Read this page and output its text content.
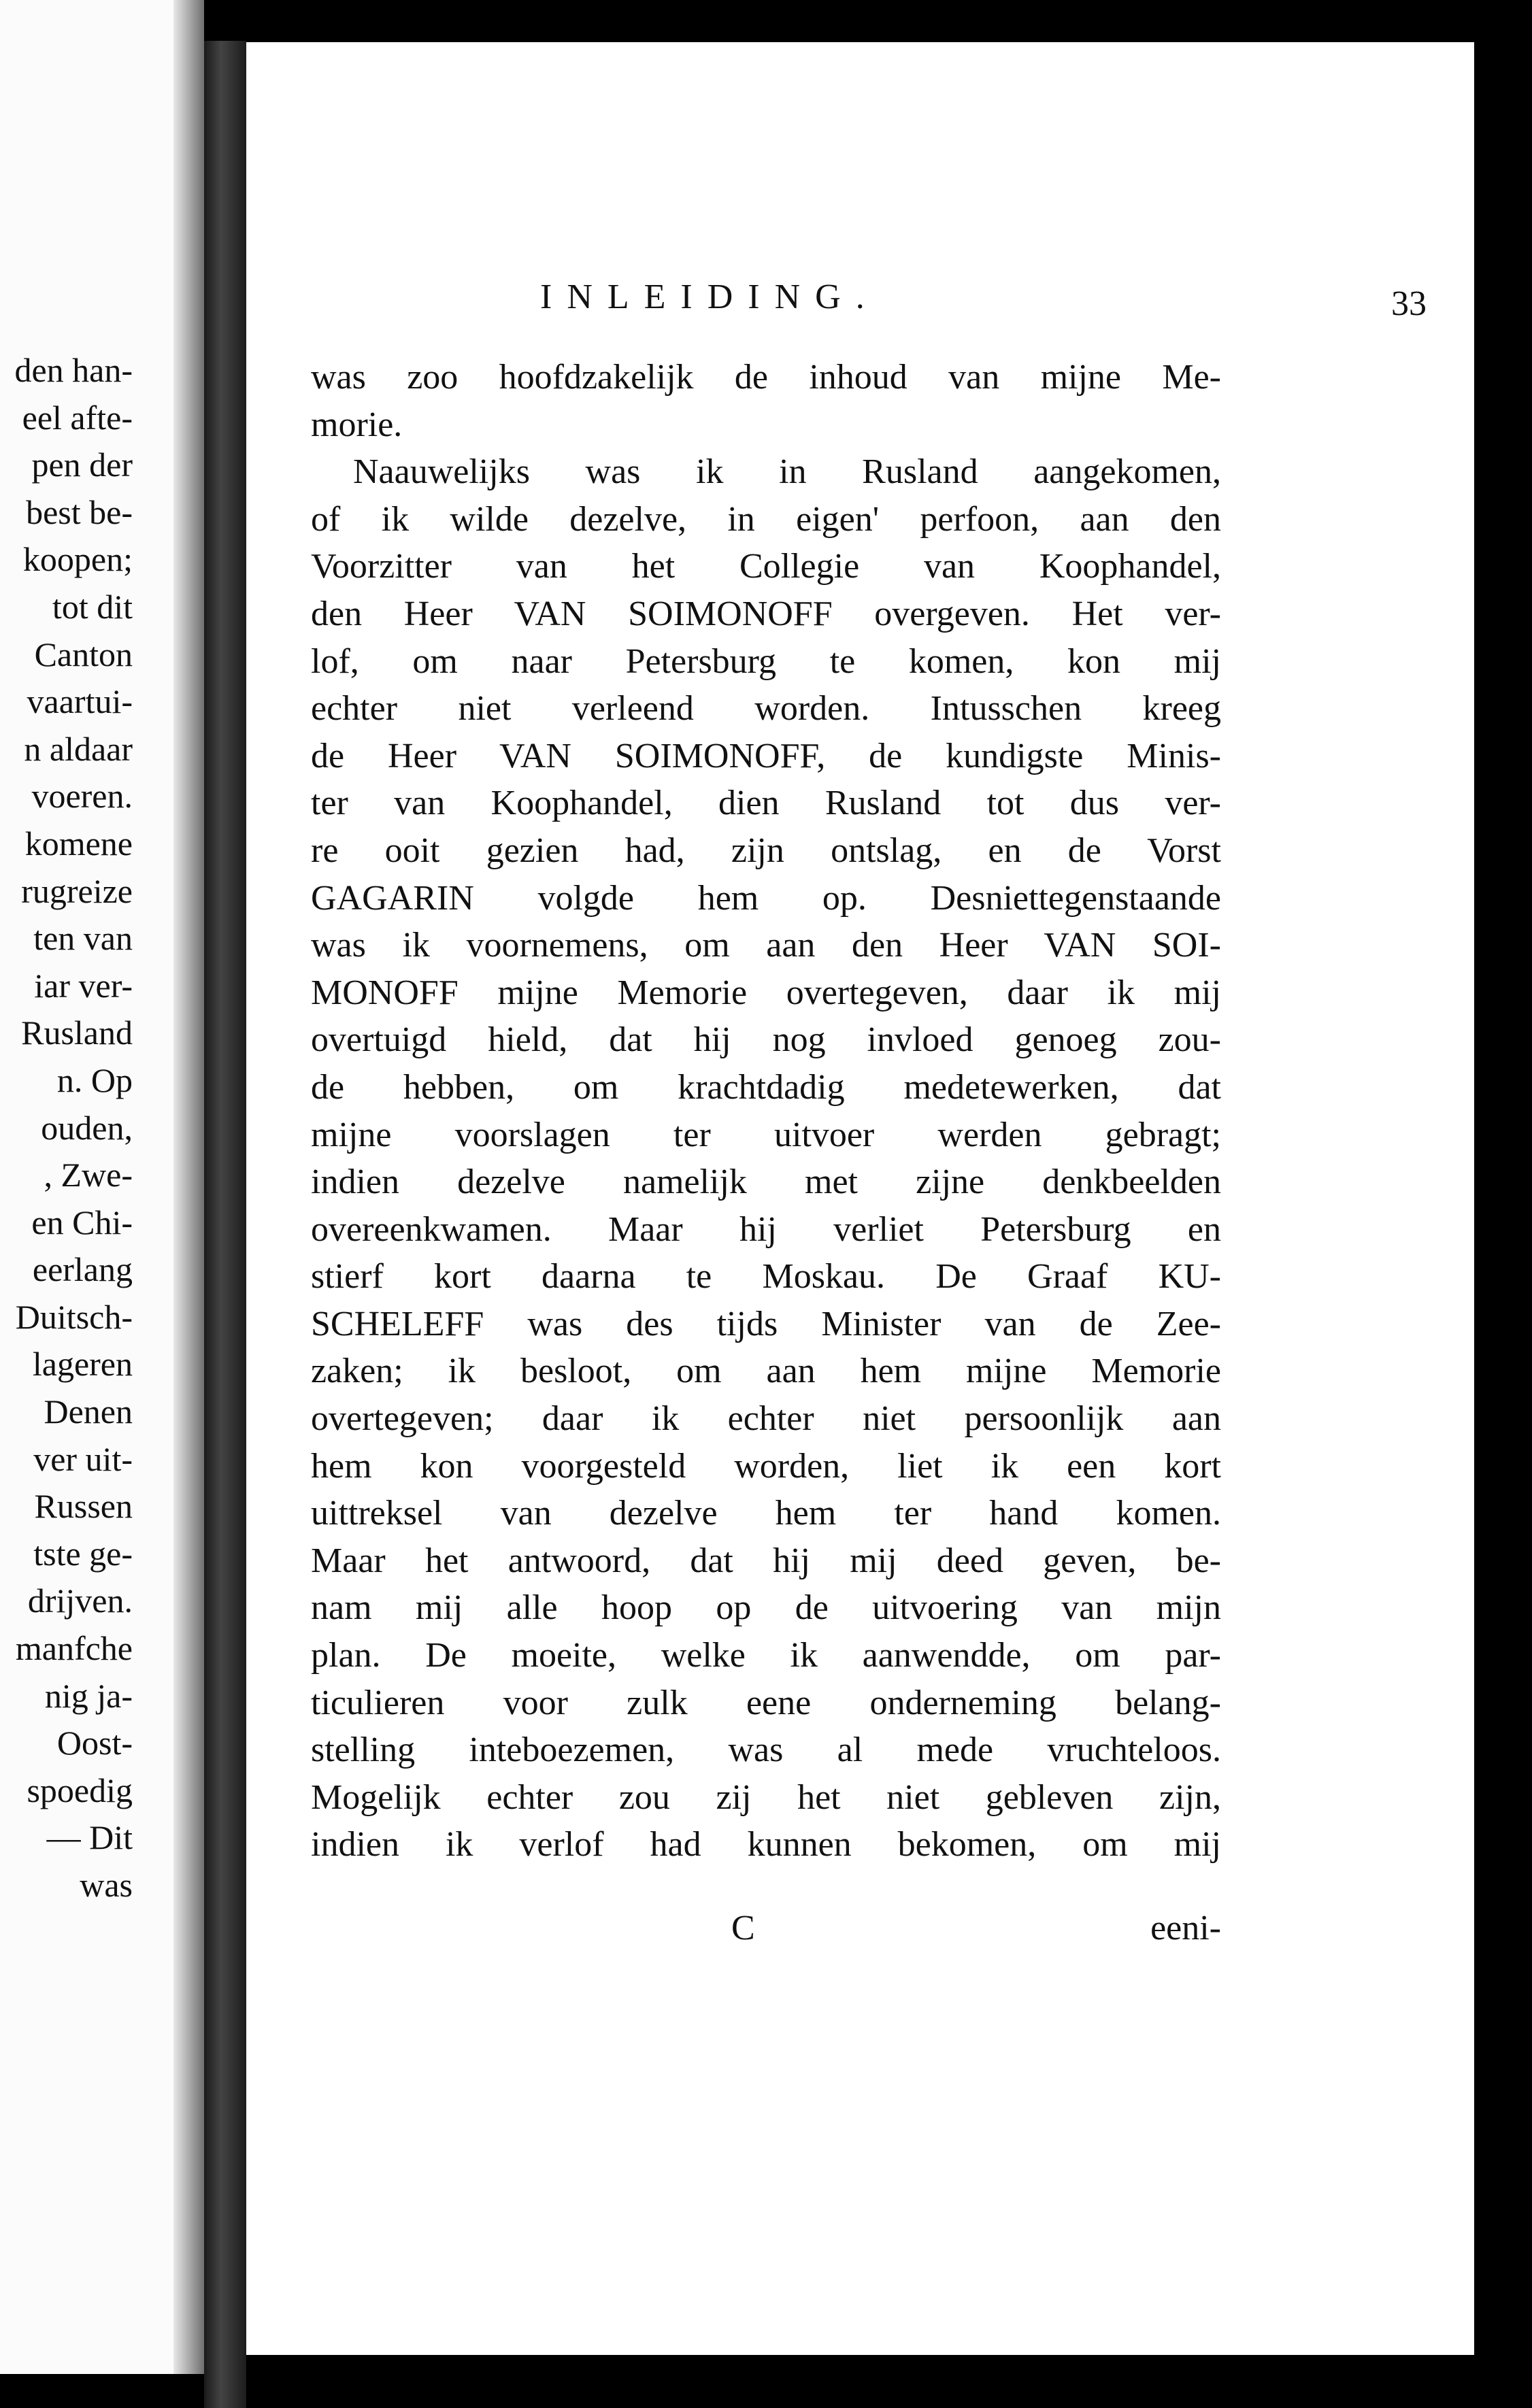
den han-
eel afte-
pen der
best be-
koopen;
tot dit
Canton
vaartui-
n aldaar
voeren.
komene
rugreize
ten van
iar ver-
Rusland
n. Op
ouden,
, Zwe-
en Chi-
eerlang
Duitsch-
lageren
Denen
ver uit-
Russen
tste ge-
drijven.
manfche
nig ja-
Oost-
spoedig
— Dit
was
INLEIDING.	33
was zoo hoofdzakelijk de inhoud van mijne Me-
morie.
Naauwelijks was ik in Rusland aangekomen,
of ik wilde dezelve, in eigen' perfoon, aan den
Voorzitter van het Collegie van Koophandel,
den Heer VAN SOIMONOFF overgeven. Het ver-
lof, om naar Petersburg te komen, kon mij
echter niet verleend worden. Intusschen kreeg
de Heer VAN SOIMONOFF, de kundigste Minis-
ter van Koophandel, dien Rusland tot dus ver-
re ooit gezien had, zijn ontslag, en de Vorst
GAGARIN volgde hem op. Desniettegenstaande
was ik voornemens, om aan den Heer VAN SOI-
MONOFF mijne Memorie overtegeven, daar ik mij
overtuigd hield, dat hij nog invloed genoeg zou-
de hebben, om krachtdadig medetewerken, dat
mijne voorslagen ter uitvoer werden gebragt;
indien dezelve namelijk met zijne denkbeelden
overeenkwamen. Maar hij verliet Petersburg en
stierf kort daarna te Moskau. De Graaf KU-
SCHELEFF was des tijds Minister van de Zee-
zaken; ik besloot, om aan hem mijne Memorie
overtegeven; daar ik echter niet persoonlijk aan
hem kon voorgesteld worden, liet ik een kort
uittreksel van dezelve hem ter hand komen.
Maar het antwoord, dat hij mij deed geven, be-
nam mij alle hoop op de uitvoering van mijn
plan. De moeite, welke ik aanwendde, om par-
ticulieren voor zulk eene onderneming belang-
stelling inteboezemen, was al mede vruchteloos.
Mogelijk echter zou zij het niet gebleven zijn,
indien ik verlof had kunnen bekomen, om mij
C	eeni-
